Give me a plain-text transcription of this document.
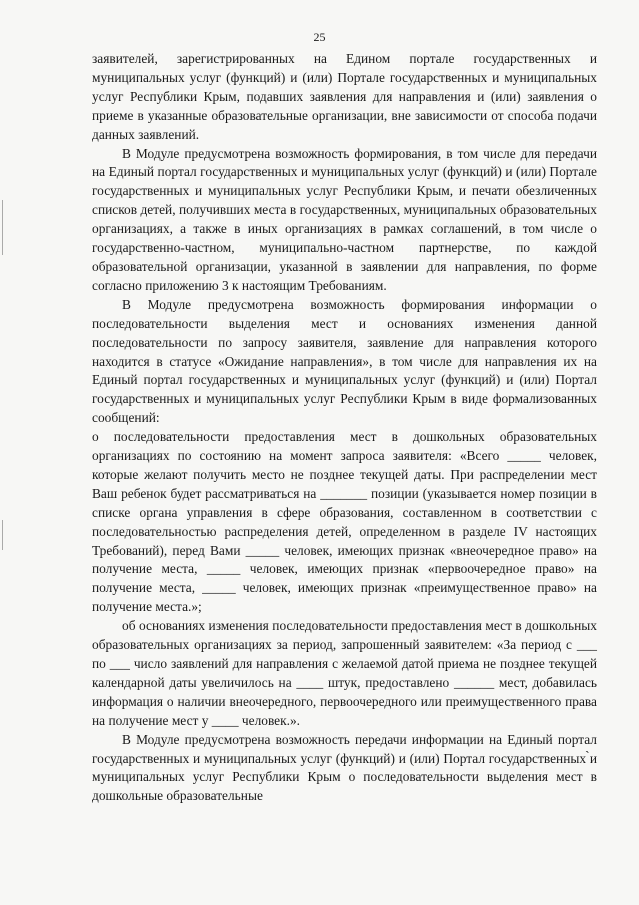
25

заявителей, зарегистрированных на Едином портале государственных и муниципальных услуг (функций) и (или) Портале государственных и муниципальных услуг Республики Крым, подавших заявления для направления и (или) заявления о приеме в указанные образовательные организации, вне зависимости от способа подачи данных заявлений.

В Модуле предусмотрена возможность формирования, в том числе для передачи на Единый портал государственных и муниципальных услуг (функций) и (или) Портале государственных и муниципальных услуг Республики Крым, и печати обезличенных списков детей, получивших места в государственных, муниципальных образовательных организациях, а также в иных организациях в рамках соглашений, в том числе о государственно-частном, муниципально-частном партнерстве, по каждой образовательной организации, указанной в заявлении для направления, по форме согласно приложению 3 к настоящим Требованиям.

В Модуле предусмотрена возможность формирования информации о последовательности выделения мест и основаниях изменения данной последовательности по запросу заявителя, заявление для направления которого находится в статусе «Ожидание направления», в том числе для направления их на Единый портал государственных и муниципальных услуг (функций) и (или) Портал государственных и муниципальных услуг Республики Крым в виде формализованных сообщений:

о последовательности предоставления мест в дошкольных образовательных организациях по состоянию на момент запроса заявителя: «Всего _____ человек, которые желают получить место не позднее текущей даты. При распределении мест Ваш ребенок будет рассматриваться на _______ позиции (указывается номер позиции в списке органа управления в сфере образования, составленном в соответствии с последовательностью распределения детей, определенном в разделе IV настоящих Требований), перед Вами _____ человек, имеющих признак «внеочередное право» на получение места, _____ человек, имеющих признак «первоочередное право» на получение места, _____ человек, имеющих признак «преимущественное право» на получение места.»;

об основаниях изменения последовательности предоставления мест в дошкольных образовательных организациях за период, запрошенный заявителем: «За период с ___ по ___ число заявлений для направления с желаемой датой приема не позднее текущей календарной даты увеличилось на ____ штук, предоставлено ______ мест, добавилась информация о наличии внеочередного, первоочередного или преимущественного права на получение мест у ____ человек.».

В Модуле предусмотрена возможность передачи информации на Единый портал государственных и муниципальных услуг (функций) и (или) Портал государственных ̀и муниципальных услуг Республики Крым о последовательности выделения мест в дошкольные образовательные
